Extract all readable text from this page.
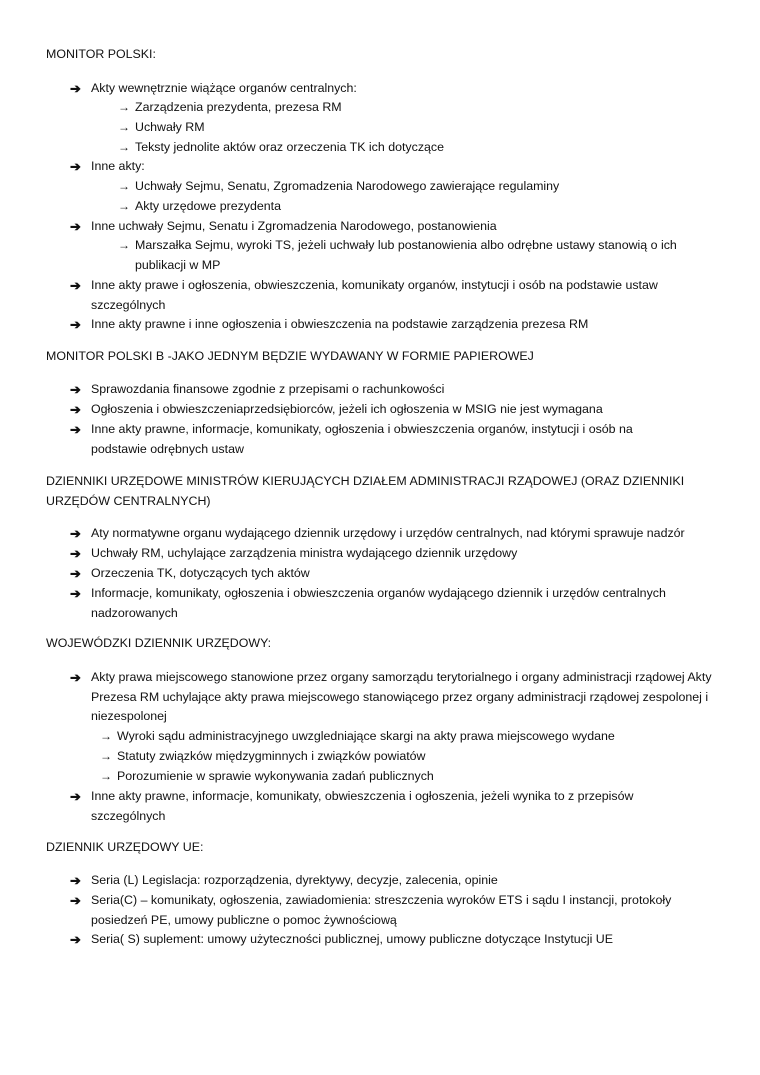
MONITOR POLSKI:
➔ Akty wewnętrznie wiążące organów centralnych:
→ Zarządzenia prezydenta, prezesa RM
→ Uchwały RM
→ Teksty jednolite aktów oraz orzeczenia TK ich dotyczące
➔ Inne akty:
→ Uchwały Sejmu, Senatu, Zgromadzenia Narodowego zawierające regulaminy
→ Akty urzędowe prezydenta
➔ Inne uchwały Sejmu, Senatu i Zgromadzenia Narodowego, postanowienia
→ Marszałka Sejmu, wyroki TS, jeżeli uchwały lub postanowienia albo odrębne ustawy stanowią o ich publikacji w MP
➔ Inne akty prawe i ogłoszenia, obwieszczenia, komunikaty organów, instytucji i osób na podstawie ustaw szczególnych
➔ Inne akty prawne i inne ogłoszenia i obwieszczenia na podstawie zarządzenia prezesa RM
MONITOR POLSKI B -JAKO JEDNYM BĘDZIE WYDAWANY W FORMIE PAPIEROWEJ
➔ Sprawozdania finansowe zgodnie z przepisami o rachunkowości
➔ Ogłoszenia i obwieszczeniaprzedsiębiorców, jeżeli ich ogłoszenia w MSIG nie jest wymagana
➔ Inne akty prawne, informacje, komunikaty, ogłoszenia i obwieszczenia organów, instytucji i osób na podstawie odrębnych ustaw
DZIENNIKI URZĘDOWE MINISTRÓW KIERUJĄCYCH DZIAŁEM ADMINISTRACJI RZĄDOWEJ (ORAZ DZIENNIKI URZĘDÓW CENTRALNYCH)
➔ Aty normatywne organu wydającego dziennik urzędowy i urzędów centralnych, nad którymi sprawuje nadzór
➔ Uchwały RM, uchylające zarządzenia ministra wydającego dziennik urzędowy
➔ Orzeczenia TK, dotyczących tych aktów
➔ Informacje, komunikaty, ogłoszenia i obwieszczenia organów wydającego dziennik i urzędów centralnych nadzorowanych
WOJEWÓDZKI DZIENNIK URZĘDOWY:
➔ Akty prawa miejscowego stanowione przez organy samorządu terytorialnego i organy administracji rządowej Akty Prezesa RM uchylające akty prawa miejscowego stanowiącego przez organy administracji rządowej zespolonej i niezespolonej
→ Wyroki sądu administracyjnego uwzgledniające skargi na akty prawa miejscowego wydane
→ Statuty związków międzygminnych i związków powiatów
→ Porozumienie w sprawie wykonywania zadań publicznych
➔ Inne akty prawne, informacje, komunikaty, obwieszczenia i ogłoszenia, jeżeli wynika to z przepisów szczególnych
DZIENNIK URZĘDOWY UE:
➔ Seria (L) Legislacja: rozporządzenia, dyrektywy, decyzje, zalecenia, opinie
➔ Seria(C) – komunikaty, ogłoszenia, zawiadomienia: streszczenia wyroków ETS i sądu I instancji, protokoły posiedzeń PE, umowy publiczne o pomoc żywnościową
➔ Seria( S) suplement: umowy użyteczności publicznej, umowy publiczne dotyczące Instytucji UE
